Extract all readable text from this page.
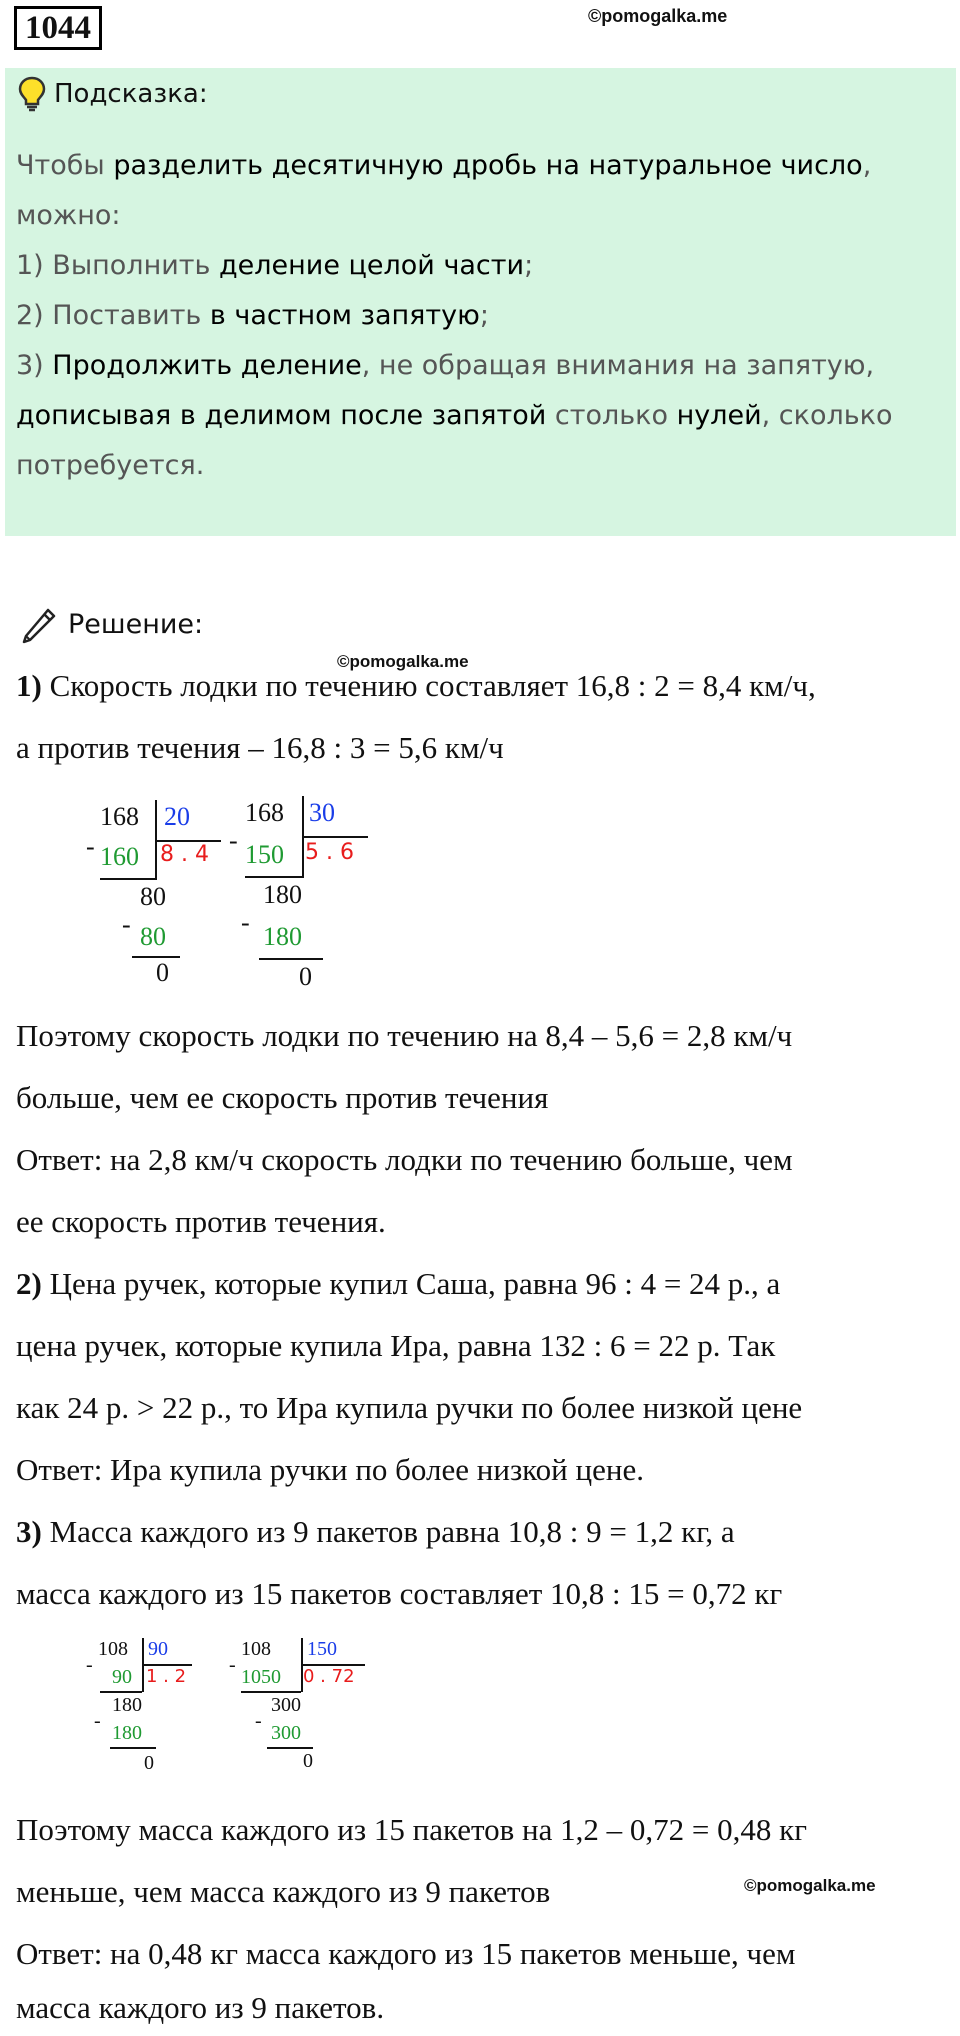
1044	©pomogalka.me
Подсказка:
Чтобы разделить десятичную дробь на натуральное число,
можно:
1) Выполнить деление целой части;
2) Поставить в частном запятую;
3) Продолжить деление, не обращая внимания на запятую,
дописывая в делимом после запятой столько нулей, сколько
потребуется.
Решение:
©pomogalka.me
1) Скорость лодки по течению составляет 16,8 : 2 = 8,4 км/ч,
а против течения – 16,8 : 3 = 5,6 км/ч
168 20
- 160 8 . 4
80
- 80
0
168 30
- 150 5 . 6
180
- 180
0
Поэтому скорость лодки по течению на 8,4 – 5,6 = 2,8 км/ч
больше, чем ее скорость против течения
Ответ: на 2,8 км/ч скорость лодки по течению больше, чем
ее скорость против течения.
2) Цена ручек, которые купил Саша, равна 96 : 4 = 24 р., а
цена ручек, которые купила Ира, равна 132 : 6 = 22 р. Так
как 24 р. > 22 р., то Ира купила ручки по более низкой цене
Ответ: Ира купила ручки по более низкой цене.
3) Масса каждого из 9 пакетов равна 10,8 : 9 = 1,2 кг, а
масса каждого из 15 пакетов составляет 10,8 : 15 = 0,72 кг
108 90
-
90 1 . 2
180
-
180
0
108 150
-
1050 0 . 72
300
-
300
0
Поэтому масса каждого из 15 пакетов на 1,2 – 0,72 = 0,48 кг
меньше, чем масса каждого из 9 пакетов	©pomogalka.me
Ответ: на 0,48 кг масса каждого из 15 пакетов меньше, чем
масса каждого из 9 пакетов.
